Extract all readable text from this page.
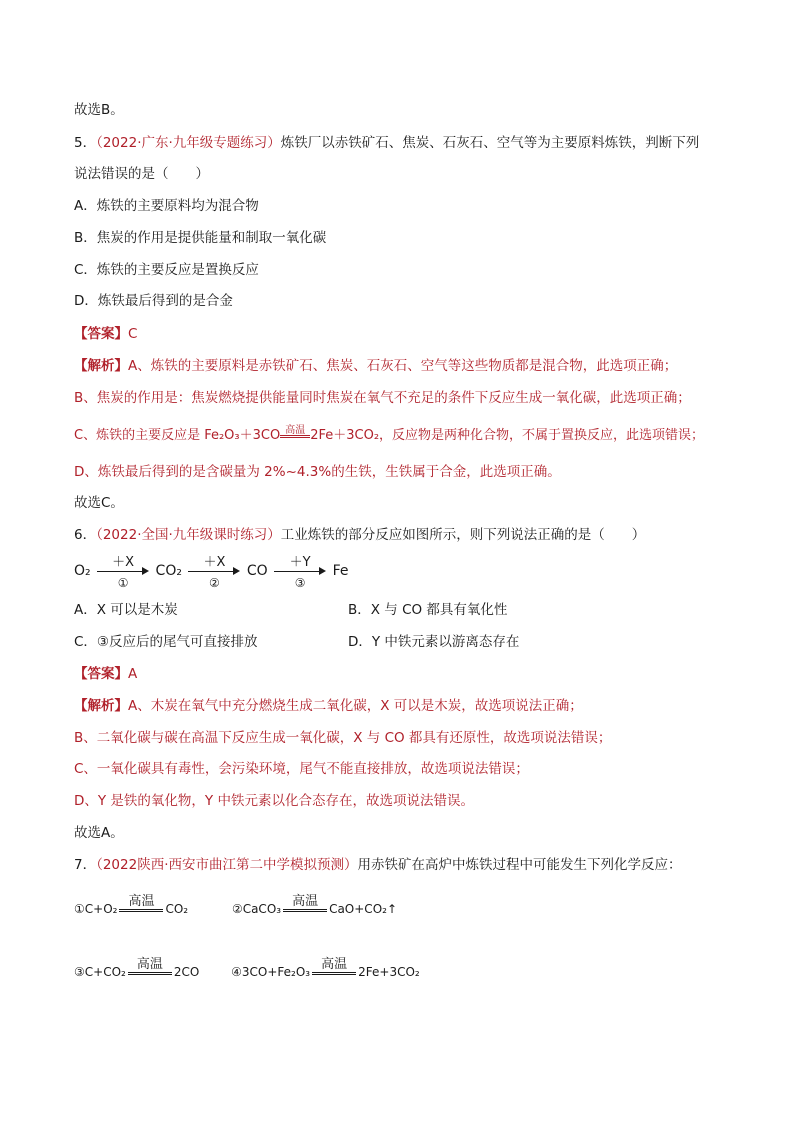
故选B。
5．（2022·广东·九年级专题练习）炼铁厂以赤铁矿石、焦炭、石灰石、空气等为主要原料炼铁，判断下列
说法错误的是（　　）
A．炼铁的主要原料均为混合物
B．焦炭的作用是提供能量和制取一氧化碳
C．炼铁的主要反应是置换反应
D．炼铁最后得到的是合金
【答案】C
【解析】A、炼铁的主要原料是赤铁矿石、焦炭、石灰石、空气等这些物质都是混合物，此选项正确；
B、焦炭的作用是：焦炭燃烧提供能量同时焦炭在氧气不充足的条件下反应生成一氧化碳，此选项正确；
C、炼铁的主要反应是 Fe₂O₃＋3CO 高温 2Fe＋3CO₂，反应物是两种化合物，不属于置换反应，此选项错误；
D、炼铁最后得到的是含碳量为 2%~4.3%的生铁，生铁属于合金，此选项正确。
故选C。
6．（2022·全国·九年级课时练习）工业炼铁的部分反应如图所示，则下列说法正确的是（　　）
O₂
＋X
①
CO₂
＋X
②
CO
＋Y
③
Fe
A．X 可以是木炭	B．X 与 CO 都具有氧化性
C．③反应后的尾气可直接排放	D．Y 中铁元素以游离态存在
【答案】A
【解析】A、木炭在氧气中充分燃烧生成二氧化碳，X 可以是木炭，故选项说法正确；
B、二氧化碳与碳在高温下反应生成一氧化碳，X 与 CO 都具有还原性，故选项说法错误；
C、一氧化碳具有毒性，会污染环境，尾气不能直接排放，故选项说法错误；
D、Y 是铁的氧化物，Y 中铁元素以化合态存在，故选项说法错误。
故选A。
7．（2022陕西·西安市曲江第二中学模拟预测）用赤铁矿在高炉中炼铁过程中可能发生下列化学反应：
①C+O₂
高温
CO₂	②CaCO₃
高温
CaO+CO₂↑
③C+CO₂
高温
2CO	④3CO+Fe₂O₃
高温
2Fe+3CO₂
